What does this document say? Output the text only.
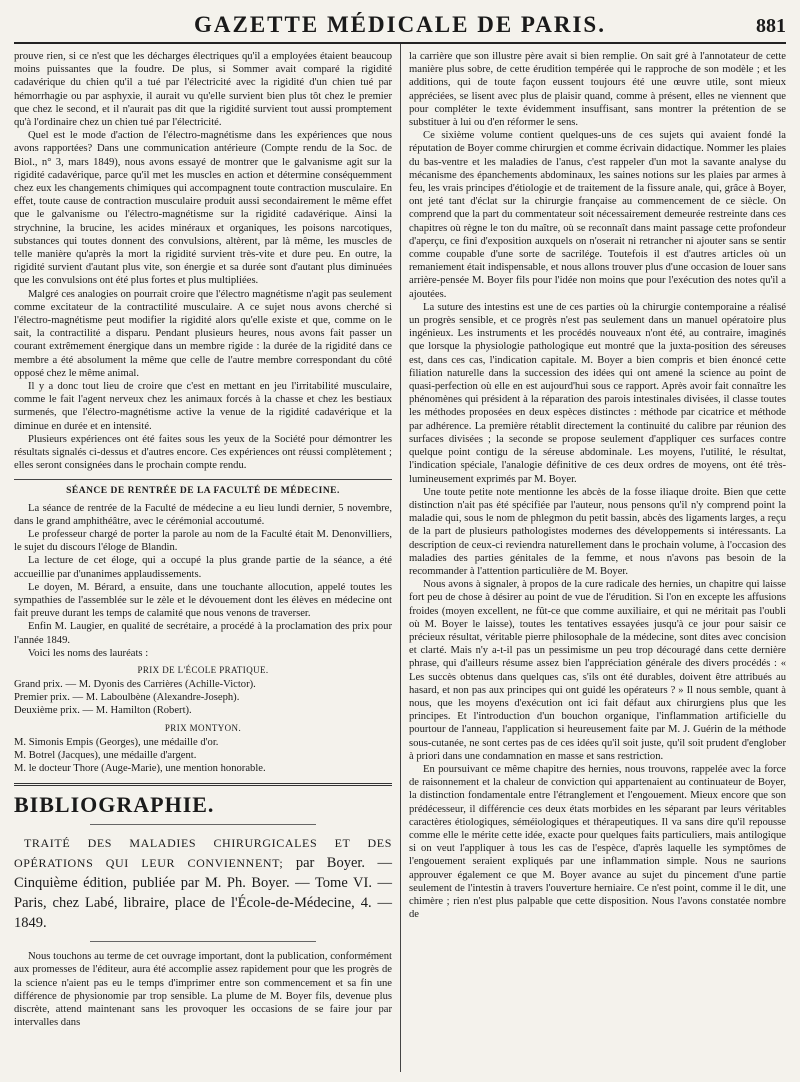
GAZETTE MÉDICALE DE PARIS.	881

prouve rien, si ce n'est que les décharges électriques qu'il a employées étaient beaucoup moins puissantes que la foudre. De plus, si Sommer avait comparé la rigidité cadavérique du chien qu'il a tué par l'électricité avec la rigidité d'un chien tué par hémorrhagie ou par asphyxie, il aurait vu qu'elle survient bien plus tôt chez le premier que chez le second, et il n'aurait pas dit que la rigidité survient tout aussi promptement qu'à l'ordinaire chez un chien tué par l'électricité.

Quel est le mode d'action de l'électro-magnétisme dans les expériences que nous avons rapportées? Dans une communication antérieure (Compte rendu de la Soc. de Biol., n° 3, mars 1849), nous avons essayé de montrer que le galvanisme agit sur la rigidité cadavérique, parce qu'il met les muscles en action et détermine conséquemment chez eux les changements chimiques qui accompagnent toute contraction musculaire. En effet, toute cause de contraction musculaire produit aussi secondairement le même effet que le galvanisme ou l'électro-magnétisme sur la rigidité cadavérique. Ainsi la strychnine, la brucine, les acides minéraux et organiques, les poisons narcotiques, substances qui toutes donnent des convulsions, altèrent, par là même, les muscles de telle manière qu'après la mort la rigidité survient très-vite et dure peu. En outre, la rigidité survient d'autant plus vite, son énergie et sa durée sont d'autant plus diminuées que les convulsions ont été plus fortes et plus multipliées.

Malgré ces analogies on pourrait croire que l'électro magnétisme n'agit pas seulement comme excitateur de la contractilité musculaire. A ce sujet nous avons cherché si l'électro-magnétisme peut modifier la rigidité alors qu'elle existe et que, comme on le sait, la contractilité a disparu. Pendant plusieurs heures, nous avons fait passer un courant extrêmement énergique dans un membre rigide : la durée de la rigidité dans ce membre a été absolument la même que celle de l'autre membre correspondant du côté opposé chez le même animal.

Il y a donc tout lieu de croire que c'est en mettant en jeu l'irritabilité musculaire, comme le fait l'agent nerveux chez les animaux forcés à la chasse et chez les bestiaux surmenés, que l'électro-magnétisme active la venue de la rigidité cadavérique et la diminue en durée et en intensité.

Plusieurs expériences ont été faites sous les yeux de la Société pour démontrer les résultats signalés ci-dessus et d'autres encore. Ces expériences ont réussi complètement ; elles seront consignées dans le prochain compte rendu.

SÉANCE DE RENTRÉE DE LA FACULTÉ DE MÉDECINE.

La séance de rentrée de la Faculté de médecine a eu lieu lundi dernier, 5 novembre, dans le grand amphithéâtre, avec le cérémonial accoutumé.

Le professeur chargé de porter la parole au nom de la Faculté était M. Denonvilliers, le sujet du discours l'éloge de Blandin.

La lecture de cet éloge, qui a occupé la plus grande partie de la séance, a été accueillie par d'unanimes applaudissements.

Le doyen, M. Bérard, a ensuite, dans une touchante allocution, appelé toutes les sympathies de l'assemblée sur le zèle et le dévouement dont les élèves en médecine ont fait preuve durant les temps de calamité que nous venons de traverser.

Enfin M. Laugier, en qualité de secrétaire, a procédé à la proclamation des prix pour l'année 1849.

Voici les noms des lauréats :

PRIX DE L'ÉCOLE PRATIQUE.

Grand prix. — M. Dyonis des Carrières (Achille-Victor).

Premier prix. — M. Laboulbène (Alexandre-Joseph).

Deuxième prix. — M. Hamilton (Robert).

PRIX MONTYON.

M. Simonis Empis (Georges), une médaille d'or.

M. Botrel (Jacques), une médaille d'argent.

M. le docteur Thore (Auge-Marie), une mention honorable.

BIBLIOGRAPHIE.

TRAITÉ DES MALADIES CHIRURGICALES ET DES OPÉRATIONS QUI LEUR CONVIENNENT; par Boyer. — Cinquième édition, publiée par M. Ph. Boyer. — Tome VI. — Paris, chez Labé, libraire, place de l'École-de-Médecine, 4. — 1849.

Nous touchons au terme de cet ouvrage important, dont la publication, conformément aux promesses de l'éditeur, aura été accomplie assez rapidement pour que les progrès de la science n'aient pas eu le temps d'imprimer entre son commencement et sa fin une différence de physionomie par trop sensible. La plume de M. Boyer fils, devenue plus discrète, attend maintenant sans les provoquer les occasions de se faire jour par intervalles dans

la carrière que son illustre père avait si bien remplie. On sait gré à l'annotateur de cette manière plus sobre, de cette érudition tempérée qui le rapproche de son modèle ; et les additions, qui de toute façon eussent toujours été une œuvre utile, sont mieux appréciées, se lisent avec plus de plaisir quand, comme à présent, elles ne viennent que pour compléter le texte évidemment insuffisant, sans montrer la prétention de se substituer à lui ou d'en réformer le sens.

Ce sixième volume contient quelques-uns de ces sujets qui avaient fondé la réputation de Boyer comme chirurgien et comme écrivain didactique. Nommer les plaies du bas-ventre et les maladies de l'anus, c'est rappeler d'un mot la savante analyse du mécanisme des épanchements abdominaux, les saines notions sur les plaies par armes à feu, les vrais principes d'étiologie et de traitement de la fissure anale, qui, grâce à Boyer, ont jeté tant d'éclat sur la chirurgie française au commencement de ce siècle. On comprend que la part du commentateur soit nécessairement demeurée restreinte dans ces chapitres où règne le ton du maître, où se reconnaît dans maint passage cette profondeur d'aperçu, ce fini d'exposition auxquels on n'oserait ni retrancher ni ajouter sans se sentir comme coupable d'une sorte de sacrilége. Toutefois il est d'autres articles où un remaniement était indispensable, et nous allons trouver plus d'une occasion de louer sans arrière-pensée M. Boyer fils pour l'idée non moins que pour l'exécution des notes qu'il a ajoutées.

La suture des intestins est une de ces parties où la chirurgie contemporaine a réalisé un progrès sensible, et ce progrès n'est pas seulement dans un manuel opératoire plus ingénieux. Les instruments et les procédés nouveaux n'ont été, au contraire, imaginés que lorsque la physiologie pathologique eut montré que la juxta-position des séreuses est, dans ces cas, l'indication capitale. M. Boyer a bien compris et bien énoncé cette filiation naturelle dans la succession des idées qui ont amené la science au point de quasi-perfection où elle en est aujourd'hui sous ce rapport. Après avoir fait connaître les phénomènes qui président à la réparation des parois intestinales divisées, il classe toutes les méthodes proposées en deux espèces distinctes : méthode par cicatrice et méthode par adhérence. La première rétablit directement la continuité du calibre par réunion des surfaces divisées ; la seconde se propose seulement d'appliquer ces surfaces contre quelque point contigu de la séreuse abdominale. Les moyens, l'utilité, le résultat, l'indication spéciale, l'analogie définitive de ces deux ordres de moyens, ont été très-lumineusement exprimés par M. Boyer.

Une toute petite note mentionne les abcès de la fosse iliaque droite. Bien que cette distinction n'ait pas été spécifiée par l'auteur, nous pensons qu'il n'y comprend point la maladie qui, sous le nom de phlegmon du petit bassin, abcès des ligaments larges, a reçu de la part de plusieurs pathologistes modernes des développements si intéressants. La description de ceux-ci reviendra naturellement dans le prochain volume, à l'occasion des maladies des parties génitales de la femme, et nous n'avons pas besoin de la recommander à l'attention particulière de M. Boyer.

Nous avons à signaler, à propos de la cure radicale des hernies, un chapitre qui laisse fort peu de chose à désirer au point de vue de l'érudition. Si l'on en excepte les affusions froides (moyen excellent, ne fût-ce que comme auxiliaire, et qui ne méritait pas l'oubli où M. Boyer le laisse), toutes les tentatives essayées jusqu'à ce jour pour saisir ce précieux résultat, véritable pierre philosophale de la médecine, sont dites avec concision et clarté. Mais n'y a-t-il pas un pessimisme un peu trop découragé dans cette dernière phrase, qui d'ailleurs résume assez bien l'appréciation générale des divers procédés : « Les succès obtenus dans quelques cas, s'ils ont été durables, doivent être attribués au hasard, et non pas aux principes qui ont guidé les opérateurs ? » Il nous semble, quant à nous, que les moyens d'exécution ont ici fait défaut aux chirurgiens plus que les principes. Et l'introduction d'un bouchon organique, l'inflammation artificielle du pourtour de l'anneau, l'application si heureusement faite par M. J. Guérin de la méthode sous-cutanée, ne sont certes pas de ces idées qu'il soit juste, qu'il soit prudent d'englober à priori dans une condamnation en masse et sans restriction.

En poursuivant ce même chapitre des hernies, nous trouvons, rappelée avec la force de raisonnement et la chaleur de conviction qui appartenaient au continuateur de Boyer, la distinction fondamentale entre l'étranglement et l'engouement. Mieux encore que son prédécesseur, il différencie ces deux états morbides en les séparant par leurs véritables caractères étiologiques, séméiologiques et thérapeutiques. Il va sans dire qu'il repousse comme elle le mérite cette idée, exacte pour quelques faits particuliers, mais antilogique si on veut l'appliquer à tous les cas de l'espèce, d'après laquelle les symptômes de l'engouement seraient expliqués par une inflammation simple. Nous ne saurions approuver également ce que M. Boyer avance au sujet du pincement d'une partie seulement de l'intestin à travers l'ouverture herniaire. Ce n'est point, comme il le dit, une chimère ; rien n'est plus palpable que cette disposition. Nous l'avons constatée nombre de
